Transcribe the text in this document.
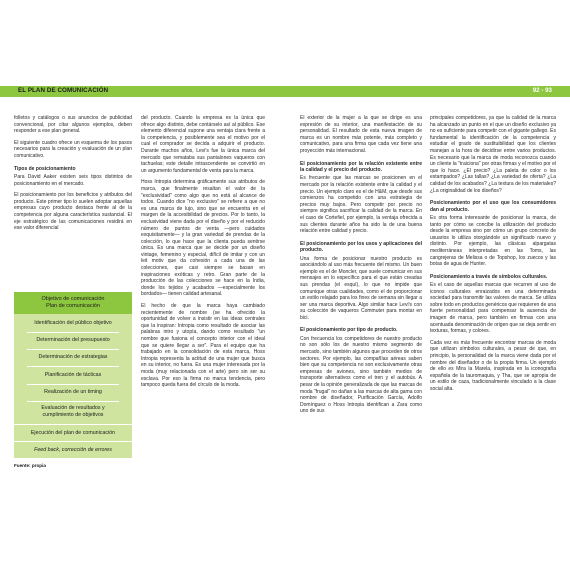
EL PLAN DE COMUNICACIÓN	92 - 93

folletos y catálogos o sus anuncios de publicidad convencional, por citar algunos ejemplos, deben responder a ese plan general.

El siguiente cuadro ofrece un esquema de los pasos necesarios para la creación y evaluación de un plan comunicativo.

Tipos de posicionamiento

Para David Aaker existen seis tipos distintos de posicionamiento en el mercado.

El posicionamiento por los beneficios y atributos del producto. Este primer tipo lo suelen adoptar aquellas empresas cuyo producto destaca frente al de la competencia por alguna característica sustancial. El eje estratégico de las comunicaciones residirá en ese valor diferencial

Objetivo de comunicación
Plan de comunicación
Identificación del público objetivo
Determinación del presupuesto
Determinación de estrategias
Planificación de tácticas
Realización de un timing
Evaluación de resultados y
cumplimiento de objetivos
Ejecución del plan de comunicación
Feed back, corrección de errores
Fuente: propia

del producto. Cuando la empresa es la única que ofrece algo distinto, debe contárselo así al público. Ese elemento diferencial supone una ventaja clara frente a la competencia, y posiblemente sea el motivo por el cual el comprador se decida a adquirir el producto. Durante muchos años, Levi's fue la única marca del mercado que remataba sus pantalones vaqueros con tachuelas; este detalle intrascendente se convirtió en un argumento fundamental de venta para la marca.

Hoss Intropia determina gráficamente sus atributos de marca, que finalmente resaltan el valor de la "exclusividad" como algo que no está al alcance de todos. Cuando dice "no exclusivo" se refiere a que no es una marca de lujo, sino que se encuentra en el margen de la accesibilidad de precios. Por lo tanto, la exclusividad viene dada por el diseño y por el reducido número de puntos de venta —pero cuidados exquisitamente— y la gran variedad de prendas de la colección, lo que hace que la clienta pueda sentirse única. Es una marca que se decide por un diseño vintage, femenino y especial, difícil de imitar y con un leit motiv que da cohesión a cada una de las colecciones, que casi siempre se basan en inspiraciones exóticas y retro. Gran parte de la producción de las colecciones se hace en la India, donde los tejidos y acabados —especialmente los bordados— tienen calidad artesanal.

El hecho de que la marca haya cambiado recientemente de nombre (se ha ofrecido la oportunidad de volver a insistir en las ideas centrales que la inspiran: Intropia como resultado de asociar las palabras intro y utopía, dando como resultado "un nombre que fusiona el concepto interior con el ideal que se quiere llegar a ser". Para el equipo que ha trabajado en la consolidación de esta marca, Hoss Intropia representa la actitud de una mujer que busca en su interior, no fuera. Es una mujer interesada por la moda (muy relacionada con el arte) pero sin ser su esclava. Por eso la firma no marca tendencia, pero tampoco queda fuera del círculo de la moda.

El exterior de la mujer a la que se dirige es una expresión de su interior, una manifestación de su personalidad. El resultado de esta nueva imagen de marca es un nombre más potente, más completo y comunicativo, para una firma que cada vez tiene una proyección más internacional.

El posicionamiento por la relación existente entre la calidad y el precio del producto.

Es frecuente que las marcas se posicionen en el mercado por la relación existente entre la calidad y el precio. Un ejemplo claro es el de H&M, que desde sus comienzos ha competido con una estrategia de precios muy bajos. Pero competir por precio no siempre significa sacrificar la calidad de la marca. En el caso de Cortefiel, por ejemplo, la ventaja ofrecida a sus clientes durante años ha sido la de una buena relación entre calidad y precio.

El posicionamiento por los usos y aplicaciones del producto.

Una forma de posicionar nuestro producto es asociándolo al uso más frecuente del mismo. Un buen ejemplo es el de Moncler, que suele comunicar en sus mensajes en lo específico para el que están creadas sus prendas (el esquí), lo que no impide que comunique otras cualidades, como el de proporcionar un estilo relajado para los fines de semana sin llegar a ser una marca deportiva. Algo similar hace Levi's con su colección de vaqueros Commuter para montar en bici.

El posicionamiento por tipo de producto.

Con frecuencia los competidores de nuestro producto no son sólo los de nuestro mismo segmento de mercado, sino también algunos que proceden de otros sectores. Por ejemplo, las compañías aéreas saben bien que su competencia no son exclusivamente otras empresas de aviones, sino también medios de transporte alternativos como el tren y el autobús. A pesar de la opinión generalizada de que las marcas de moda "frugal" no dañan a las marcas de alta gama con nombre de diseñador, Purificación García, Adolfo Domínguez o Hoss Intropia identifican a Zara como uno de sus

principales competidores, ya que la calidad de la marca ha alcanzado un punto en el que un diseño exclusivo ya no es suficiente para competir con el gigante gallego. Es fundamental la identificación de la competencia y estudiar el grado de sustituibilidad que los clientes manejan a la hora de decidirse entre varios productos. Es necesario que la marca de moda reconozca cuando un cliente la "traiciona" por otras firmas y el motivo por el que lo hace. ¿El precio? ¿La paleta de color o los estampados? ¿Las tallas? ¿La variedad de oferta? ¿La calidad de los acabados? ¿La textura de los materiales? ¿La originalidad de los diseños?

Posicionamiento por el uso que los consumidores dan al producto.

Es otra forma interesante de posicionar la marca, de tanto por cómo se concibe la utilización del producto desde la empresa sino por cómo un grupo concreto de usuarios lo utiliza otorgándole un significado nuevo y distinto. Por ejemplo, las clásicas alpargatas mediterráneas interpretadas en las Toms, las cangrejeras de Melissa o de Topshop, los zuecos y las botas de agua de Hunter.

Posicionamiento a través de símbolos culturales.

Es el caso de aquellas marcas que recurren al uso de iconos culturales enraizados en una determinada sociedad para transmitir las valores de marca. Se utiliza sobre todo en productos genéricos que requieren de una fuerte personalidad para compensar la ausencia de imagen de marca, pero también en firmas con una acentuada denominación de origen que se deja sentir en texturas, formas, y colores.

Cada vez es más frecuente encontrar marcas de moda que utilizan símbolos culturales, a pesar de que, en principio, la personalidad de la marca viene dada por el nombre del diseñador o de la propia firma. Un ejemplo de ello es Mira la Marela, inspirada en la iconografía española de la tauromaquia, y Tha, que se apropia de un estilo de caza, tradicionalmente vinculado a la clase social alta.
